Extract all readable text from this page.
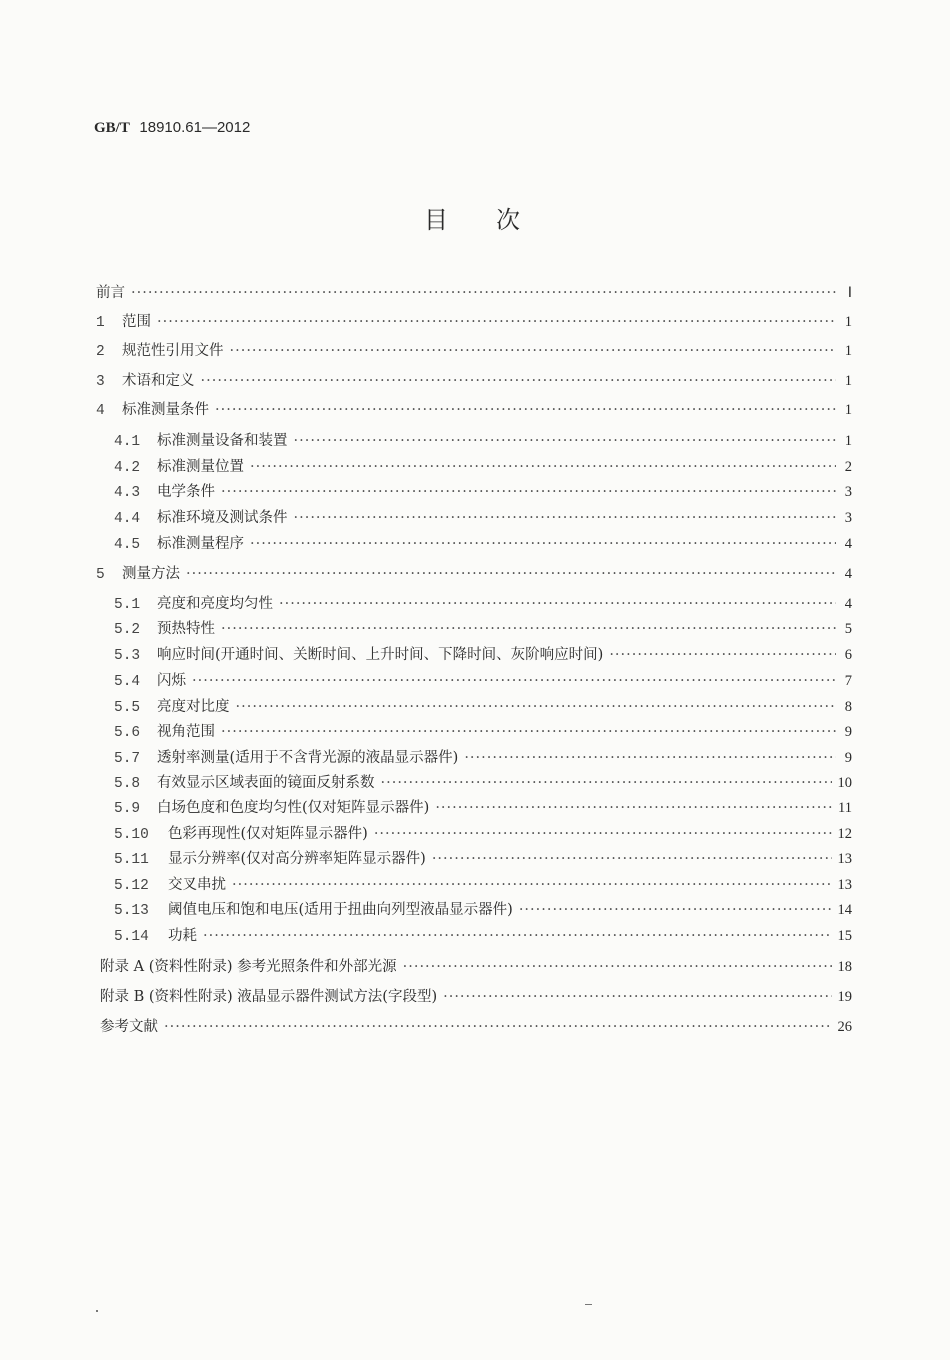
GB/T 18910.61—2012
目次
前言 ·····	Ⅰ
1	范围 ·····	1
2	规范性引用文件 ·····	1
3	术语和定义 ·····	1
4	标准测量条件 ·····	1
4.1	标准测量设备和装置 ·····	1
4.2	标准测量位置 ·····	2
4.3	电学条件 ·····	3
4.4	标准环境及测试条件 ·····	3
4.5	标准测量程序 ·····	4
5	测量方法 ·····	4
5.1	亮度和亮度均匀性 ·····	4
5.2	预热特性 ·····	5
5.3	响应时间(开通时间、关断时间、上升时间、下降时间、灰阶响应时间) ·····	6
5.4	闪烁 ·····	7
5.5	亮度对比度 ·····	8
5.6	视角范围 ·····	9
5.7	透射率测量(适用于不含背光源的液晶显示器件) ·····	9
5.8	有效显示区域表面的镜面反射系数 ·····	10
5.9	白场色度和色度均匀性(仅对矩阵显示器件) ·····	11
5.10	色彩再现性(仅对矩阵显示器件) ·····	12
5.11	显示分辨率(仅对高分辨率矩阵显示器件) ·····	13
5.12	交叉串扰 ·····	13
5.13	阈值电压和饱和电压(适用于扭曲向列型液晶显示器件) ·····	14
5.14	功耗 ·····	15
附录 A (资料性附录) 参考光照条件和外部光源 ·····	18
附录 B (资料性附录) 液晶显示器件测试方法(字段型) ·····	19
参考文献 ·····	26
